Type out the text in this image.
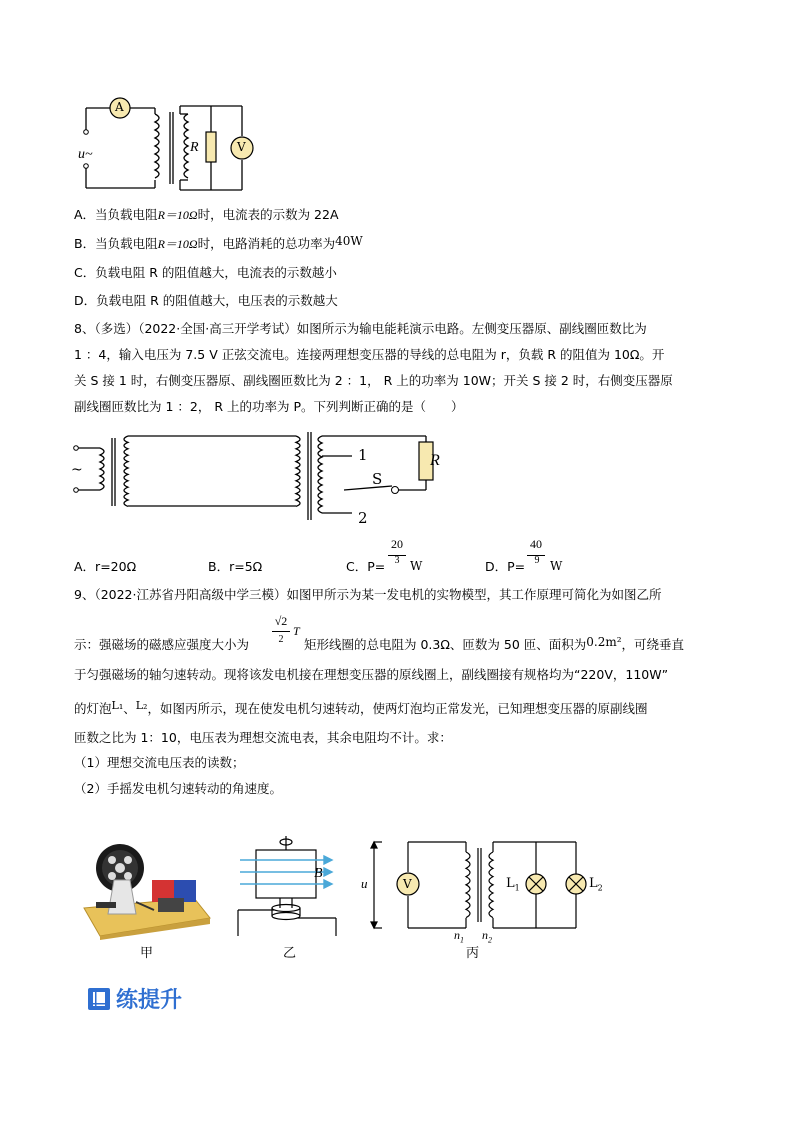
A
V
u~	R
A．当负载电阻R＝10Ω时，电流表的示数为 22A
B．当负载电阻R＝10Ω时，电路消耗的总功率为40W
C．负载电阻 R 的阻值越大，电流表的示数越小
D．负载电阻 R 的阻值越大，电压表的示数越大
8、（多选）（2022·全国·高三开学考试）如图所示为输电能耗演示电路。左侧变压器原、副线圈匝数比为
1 ：4，输入电压为 7.5 V 正弦交流电。连接两理想变压器的导线的总电阻为 r，负载 R 的阻值为 10Ω。开
关 S 接 1 时，右侧变压器原、副线圈匝数比为 2 ：1， R 上的功率为 10W；开关 S 接 2 时，右侧变压器原
副线圈匝数比为 1 ：2， R 上的功率为 P。下列判断正确的是（　　）
~
1
2
S
R
A．r=20Ω	B．r=5Ω	C．P=
20
3 W	D．P=
40
9 W
9、（2022·江苏省丹阳高级中学三模）如图甲所示为某一发电机的实物模型，其工作原理可简化为如图乙所
示：强磁场的磁感应强度大小为
√2
2
T
矩形线圈的总电阻为 0.3Ω、匝数为 50 匝、面积为0.2m²，可绕垂直
于匀强磁场的轴匀速转动。现将该发电机接在理想变压器的原线圈上，副线圈接有规格均为“220V，110W”
的灯泡L₁、L₂，如图丙所示，现在使发电机匀速转动，使两灯泡均正常发光，已知理想变压器的原副线圈
匝数之比为 1：10，电压表为理想交流电表，其余电阻均不计。求：
（1）理想交流电压表的读数；
（2）手摇发电机匀速转动的角速度。
甲
B
乙
u	V	$L_1$	$L_2$
$n_1$ $n_2$
丙
练提升
